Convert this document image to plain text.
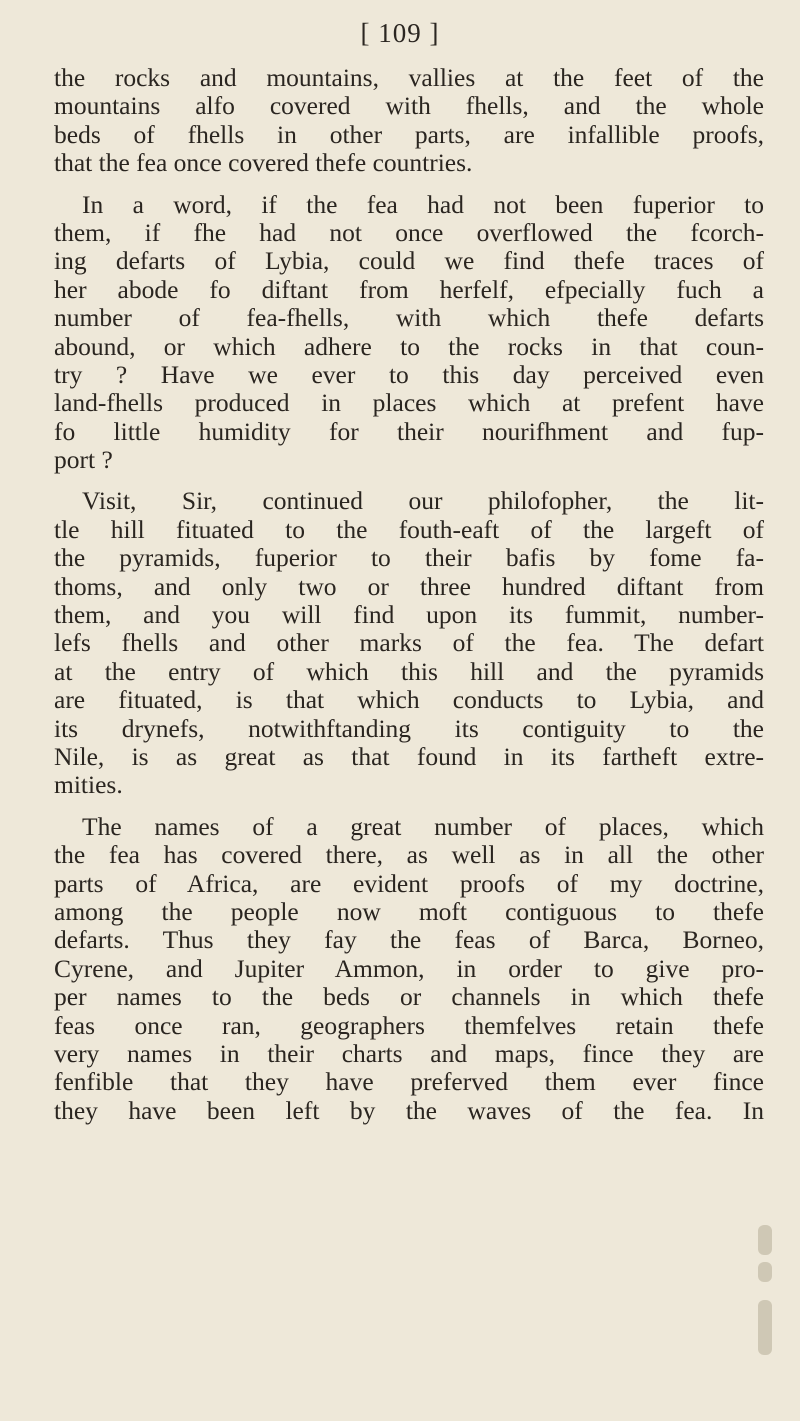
[ 109 ]
the rocks and mountains, vallies at the feet of the
mountains alfo covered with fhells, and the whole
beds of fhells in other parts, are infallible proofs,
that the fea once covered thefe countries.
In a word, if the fea had not been fuperior to
them, if fhe had not once overflowed the fcorch-
ing defarts of Lybia, could we find thefe traces of
her abode fo diftant from herfelf, efpecially fuch a
number of fea-fhells, with which thefe defarts
abound, or which adhere to the rocks in that coun-
try ? Have we ever to this day perceived even
land-fhells produced in places which at prefent have
fo little humidity for their nourifhment and fup-
port ?
Visit, Sir, continued our philofopher, the lit-
tle hill fituated to the fouth-eaft of the largeft of
the pyramids, fuperior to their bafis by fome fa-
thoms, and only two or three hundred diftant from
them, and you will find upon its fummit, number-
lefs fhells and other marks of the fea. The defart
at the entry of which this hill and the pyramids
are fituated, is that which conducts to Lybia, and
its drynefs, notwithftanding its contiguity to the
Nile, is as great as that found in its fartheft extre-
mities.
The names of a great number of places, which
the fea has covered there, as well as in all the other
parts of Africa, are evident proofs of my doctrine,
among the people now moft contiguous to thefe
defarts. Thus they fay the feas of Barca, Borneo,
Cyrene, and Jupiter Ammon, in order to give pro-
per names to the beds or channels in which thefe
feas once ran, geographers themfelves retain thefe
very names in their charts and maps, fince they are
fenfible that they have preferved them ever fince
they have been left by the waves of the fea. In
